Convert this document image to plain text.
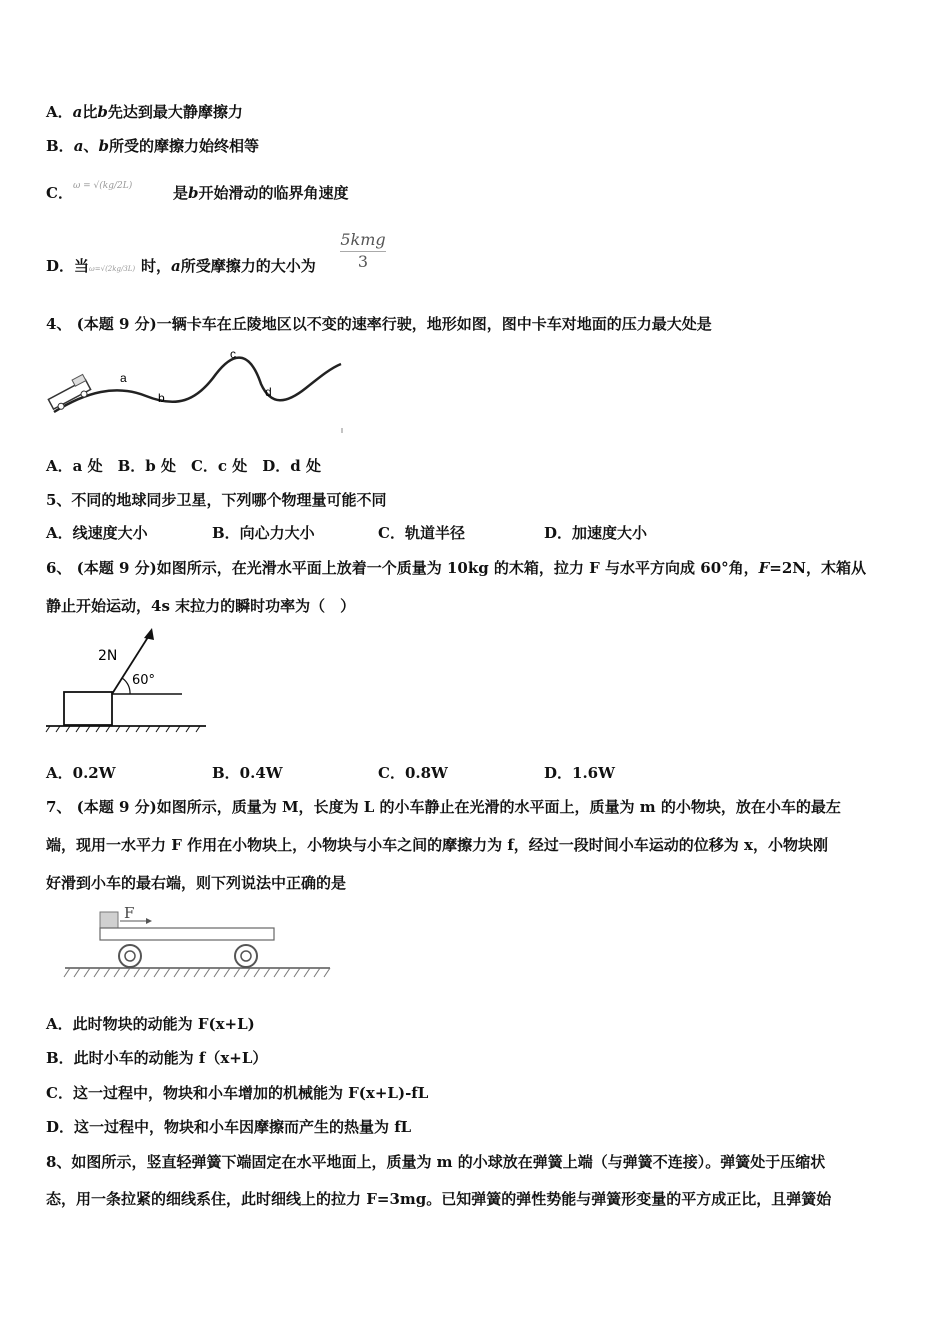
A．a比b先达到最大静摩擦力
B．a、b所受的摩擦力始终相等
C．ω = √(kg/2L)	是b开始滑动的临界角速度
D．当ω=√(2kg/3L) 时，a所受摩擦力的大小为
5kmg
3
4、 (本题 9 分)一辆卡车在丘陵地区以不变的速率行驶，地形如图，图中卡车对地面的压力最大处是
a
b
c
d
A．a 处　B．b 处　C．c 处　D．d 处
5、不同的地球同步卫星，下列哪个物理量可能不同
A．线速度大小	B．向心力大小	C．轨道半径	D．加速度大小
6、 (本题 9 分)如图所示，在光滑水平面上放着一个质量为 10kg 的木箱，拉力 F 与水平方向成 60°角，F=2N，木箱从
静止开始运动，4s 末拉力的瞬时功率为（　）
2N
60°
A．0.2W	B．0.4W	C．0.8W	D．1.6W
7、 (本题 9 分)如图所示，质量为 M，长度为 L 的小车静止在光滑的水平面上，质量为 m 的小物块，放在小车的最左
端，现用一水平力 F 作用在小物块上，小物块与小车之间的摩擦力为 f，经过一段时间小车运动的位移为 x，小物块刚
好滑到小车的最右端，则下列说法中正确的是
F
A．此时物块的动能为 F(x+L)
B．此时小车的动能为 f（x+L）
C．这一过程中，物块和小车增加的机械能为 F(x+L)-fL
D．这一过程中，物块和小车因摩擦而产生的热量为 fL
8、如图所示，竖直轻弹簧下端固定在水平地面上，质量为 m 的小球放在弹簧上端（与弹簧不连接）。弹簧处于压缩状
态，用一条拉紧的细线系住，此时细线上的拉力 F=3mg。已知弹簧的弹性势能与弹簧形变量的平方成正比，且弹簧始
